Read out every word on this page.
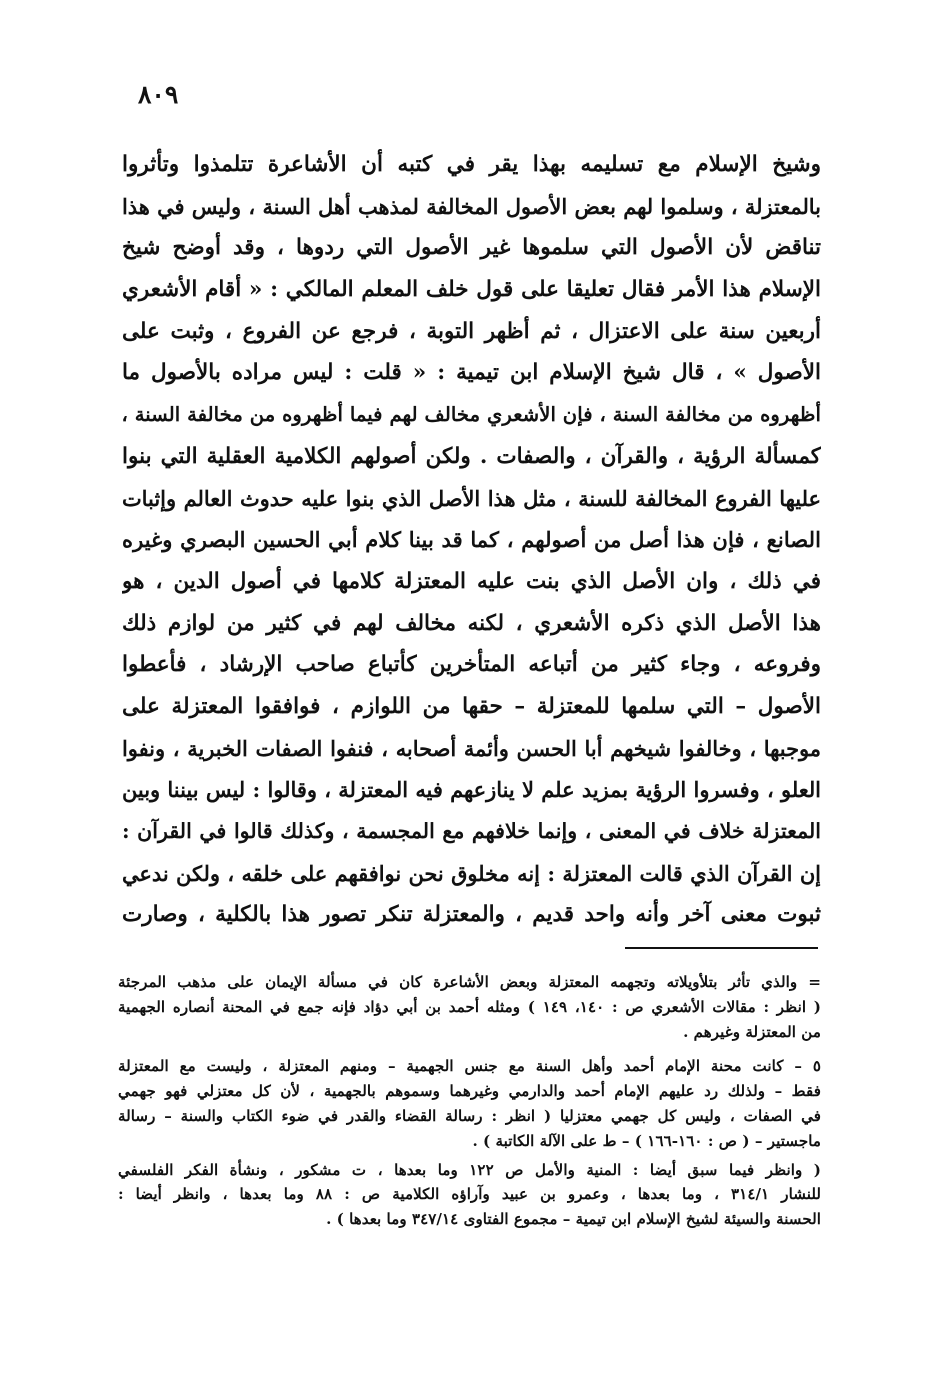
٨٠٩
وشيخ الإسلام مع تسليمه بهذا يقر في كتبه أن الأشاعرة تتلمذوا وتأثروا
بالمعتزلة ، وسلموا لهم بعض الأصول المخالفة لمذهب أهل السنة ، وليس في هذا
تناقض لأن الأصول التي سلموها غير الأصول التي ردوها ، وقد أوضح شيخ
الإسلام هذا الأمر فقال تعليقا على قول خلف المعلم المالكي : « أقام الأشعري
أربعين سنة على الاعتزال ، ثم أظهر التوبة ، فرجع عن الفروع ، وثبت على
الأصول » ، قال شيخ الإسلام ابن تيمية : « قلت : ليس مراده بالأصول ما
أظهروه من مخالفة السنة ، فإن الأشعري مخالف لهم فيما أظهروه من مخالفة السنة ،
كمسألة الرؤية ، والقرآن ، والصفات . ولكن أصولهم الكلامية العقلية التي بنوا
عليها الفروع المخالفة للسنة ، مثل هذا الأصل الذي بنوا عليه حدوث العالم وإثبات
الصانع ، فإن هذا أصل من أصولهم ، كما قد بينا كلام أبي الحسين البصري وغيره
في ذلك ، وان الأصل الذي بنت عليه المعتزلة كلامها في أصول الدين ، هو
هذا الأصل الذي ذكره الأشعري ، لكنه مخالف لهم في كثير من لوازم ذلك
وفروعه ، وجاء كثير من أتباعه المتأخرين كأتباع صاحب الإرشاد ، فأعطوا
الأصول – التي سلمها للمعتزلة – حقها من اللوازم ، فوافقوا المعتزلة على
موجبها ، وخالفوا شيخهم أبا الحسن وأئمة أصحابه ، فنفوا الصفات الخبرية ، ونفوا
العلو ، وفسروا الرؤية بمزيد علم لا ينازعهم فيه المعتزلة ، وقالوا : ليس بيننا وبين
المعتزلة خلاف في المعنى ، وإنما خلافهم مع المجسمة ، وكذلك قالوا في القرآن :
إن القرآن الذي قالت المعتزلة : إنه مخلوق نحن نوافقهم على خلقه ، ولكن ندعي
ثبوت معنى آخر وأنه واحد قديم ، والمعتزلة تنكر تصور هذا بالكلية ، وصارت
= والذي تأثر بتلأويلاته وتجهمه المعتزلة وبعض الأشاعرة كان في مسألة الإيمان على مذهب المرجئة
( انظر : مقالات الأشعري ص : ١٤٠، ١٤٩ ) ومثله أحمد بن أبي دؤاد فإنه جمع في المحنة أنصاره الجهمية
من المعتزلة وغيرهم .
٥ – كانت محنة الإمام أحمد وأهل السنة مع جنس الجهمية – ومنهم المعتزلة ، وليست مع المعتزلة
فقط – ولذلك رد عليهم الإمام أحمد والدارمي وغيرهما وسموهم بالجهمية ، لأن كل معتزلي فهو جهمي
في الصفات ، وليس كل جهمي معتزليا ( انظر : رسالة القضاء والقدر في ضوء الكتاب والسنة – رسالة
ماجستير – ( ص : ١٦٠-١٦٦ ) – ط على الآلة الكاتبة ) .
( وانظر فيما سبق أيضا : المنية والأمل ص ١٢٢ وما بعدها ، ت مشكور ، ونشأة الفكر الفلسفي
للنشار ٣١٤/١ ، وما بعدها ، وعمرو بن عبيد وآراؤه الكلامية ص : ٨٨ وما بعدها ، وانظر أيضا :
الحسنة والسيئة لشيخ الإسلام ابن تيمية – مجموع الفتاوى ٣٤٧/١٤ وما بعدها ) .
